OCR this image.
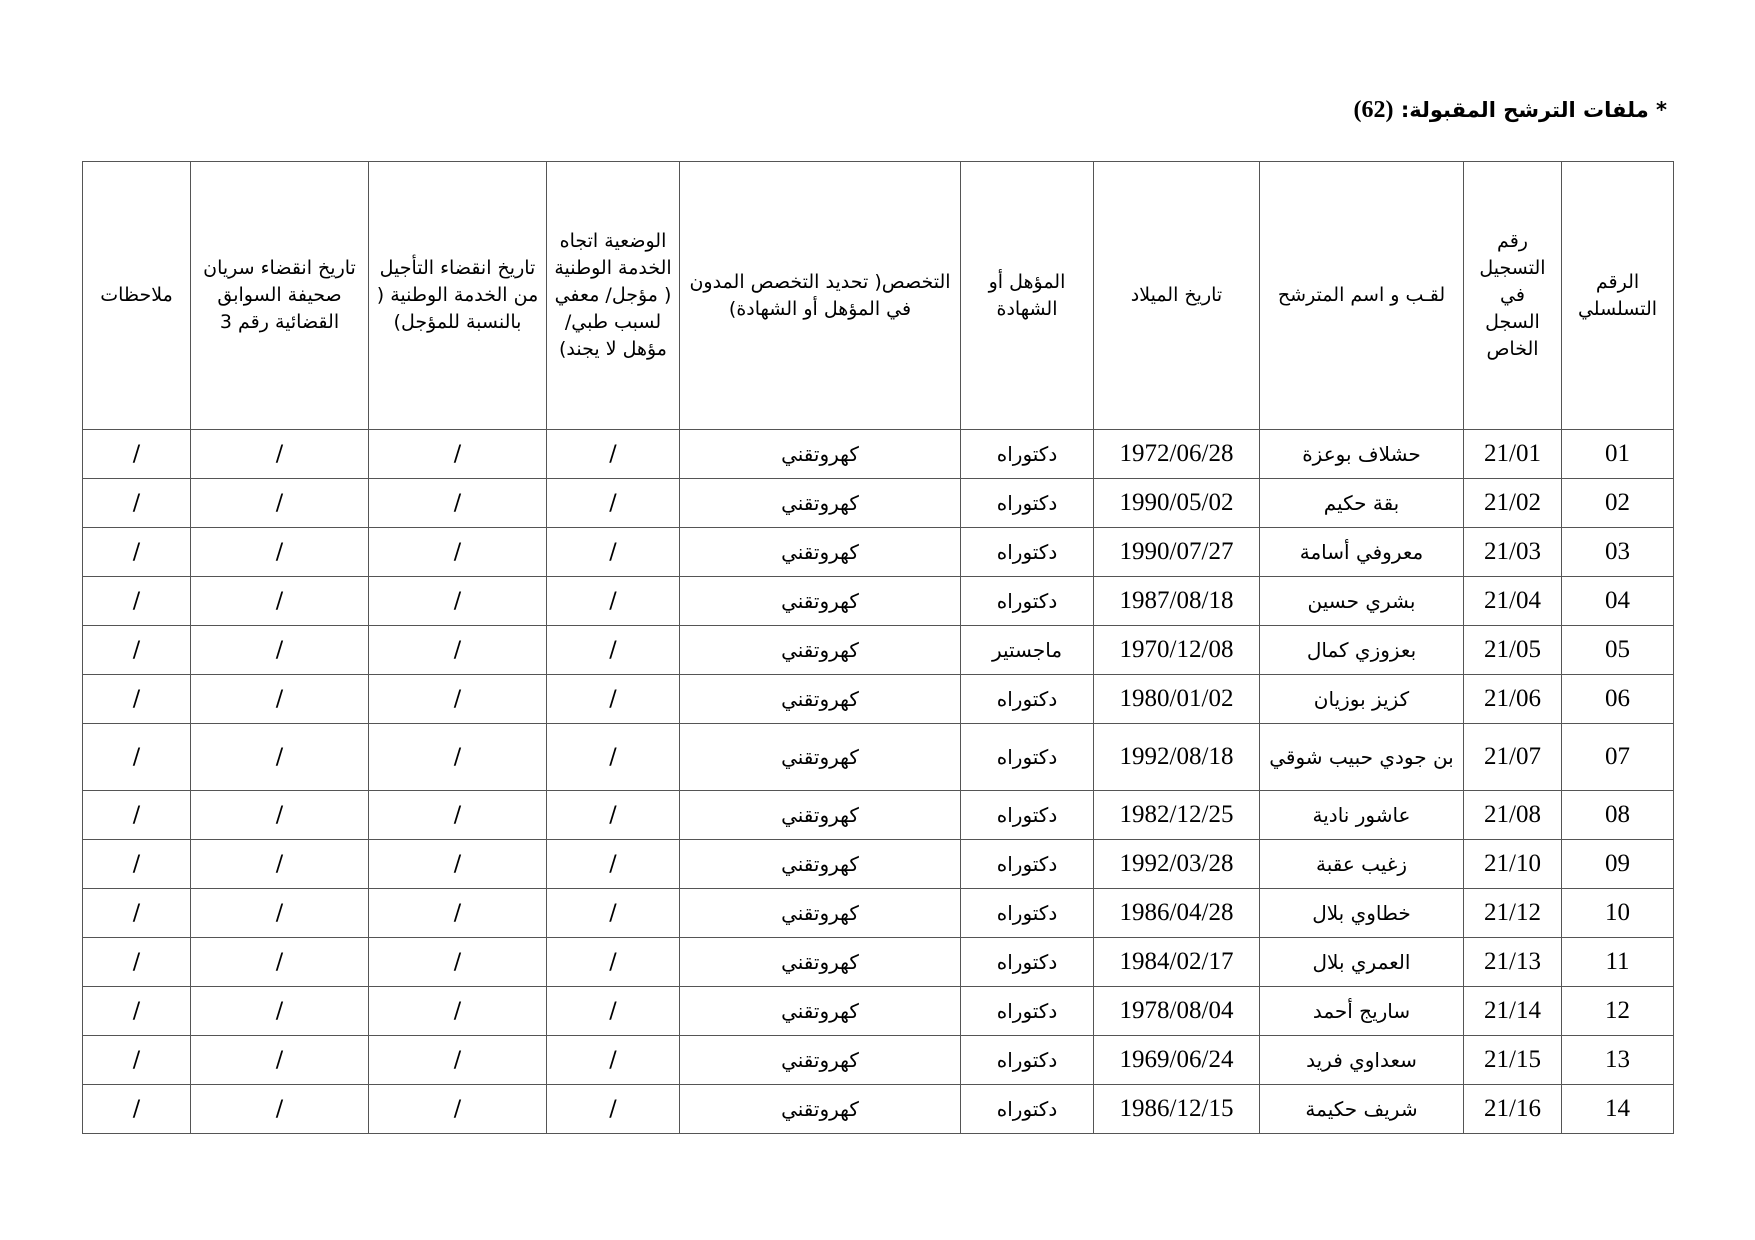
* ملفات الترشح المقبولة: (62)
الرقم التسلسلي	رقم التسجيل في السجل الخاص	لقـب و اسم المترشح	تاريخ الميلاد	المؤهل أو الشهادة	التخصص( تحديد التخصص المدون في المؤهل أو الشهادة)	الوضعية اتجاه الخدمة الوطنية ( مؤجل/ معفي لسبب طبي/مؤهل لا يجند)	تاريخ انقضاء التأجيل من الخدمة الوطنية ( بالنسبة للمؤجل)	تاريخ انقضاء سريان صحيفة السوابق القضائية رقم 3	ملاحظات
01	21/01	حشلاف بوعزة	1972/06/28	دكتوراه	كهروتقني	/	/	/	/
02	21/02	بقة حكيم	1990/05/02	دكتوراه	كهروتقني	/	/	/	/
03	21/03	معروفي أسامة	1990/07/27	دكتوراه	كهروتقني	/	/	/	/
04	21/04	بشري حسين	1987/08/18	دكتوراه	كهروتقني	/	/	/	/
05	21/05	بعزوزي كمال	1970/12/08	ماجستير	كهروتقني	/	/	/	/
06	21/06	كزيز بوزيان	1980/01/02	دكتوراه	كهروتقني	/	/	/	/
07	21/07	بن جودي حبيب شوقي	1992/08/18	دكتوراه	كهروتقني	/	/	/	/
08	21/08	عاشور نادية	1982/12/25	دكتوراه	كهروتقني	/	/	/	/
09	21/10	زغيب عقبة	1992/03/28	دكتوراه	كهروتقني	/	/	/	/
10	21/12	خطاوي بلال	1986/04/28	دكتوراه	كهروتقني	/	/	/	/
11	21/13	العمري بلال	1984/02/17	دكتوراه	كهروتقني	/	/	/	/
12	21/14	ساريج أحمد	1978/08/04	دكتوراه	كهروتقني	/	/	/	/
13	21/15	سعداوي فريد	1969/06/24	دكتوراه	كهروتقني	/	/	/	/
14	21/16	شريف حكيمة	1986/12/15	دكتوراه	كهروتقني	/	/	/	/
